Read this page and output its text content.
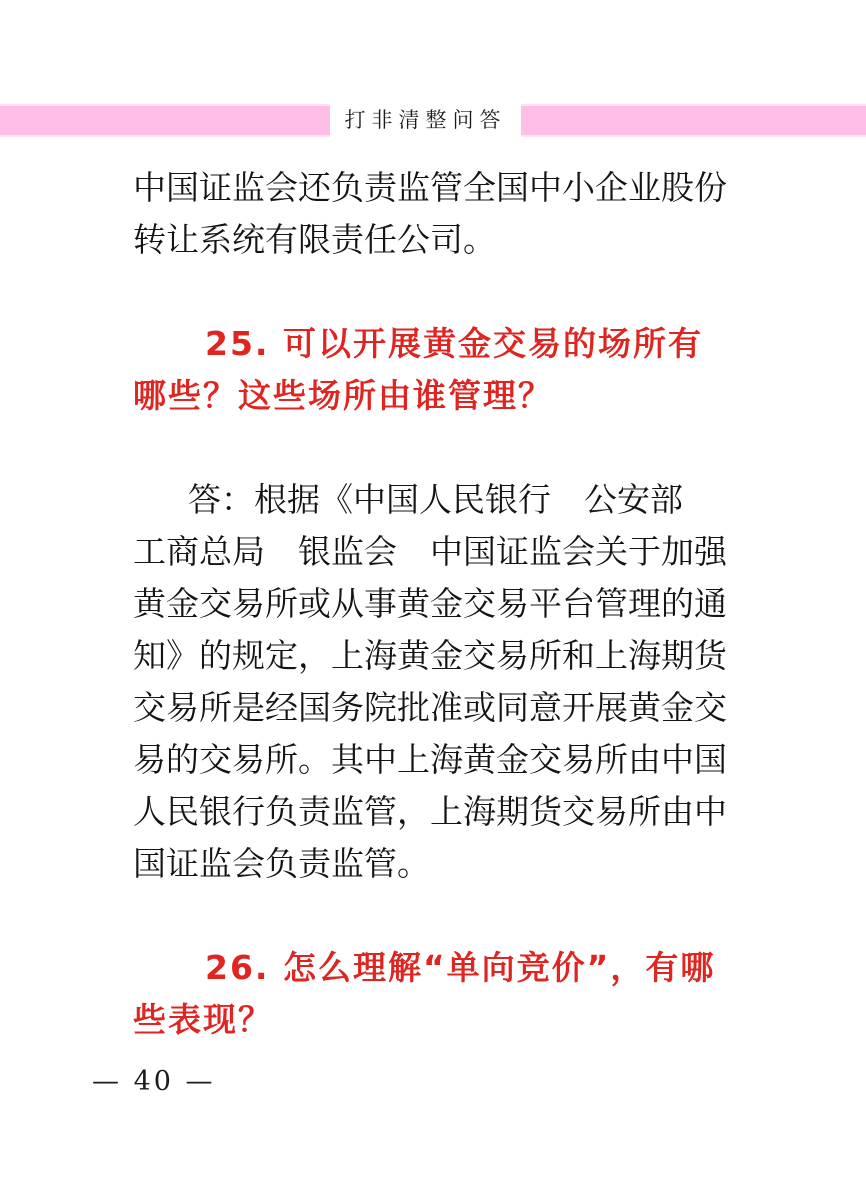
打非清整问答
中国证监会还负责监管全国中小企业股份
转让系统有限责任公司。
25. 可以开展黄金交易的场所有
哪些？这些场所由谁管理？
答：根据《中国人民银行　公安部
工商总局　银监会　中国证监会关于加强
黄金交易所或从事黄金交易平台管理的通
知》的规定，上海黄金交易所和上海期货
交易所是经国务院批准或同意开展黄金交
易的交易所。其中上海黄金交易所由中国
人民银行负责监管，上海期货交易所由中
国证监会负责监管。
26. 怎么理解“单向竞价”，有哪
些表现？
— 40 —
